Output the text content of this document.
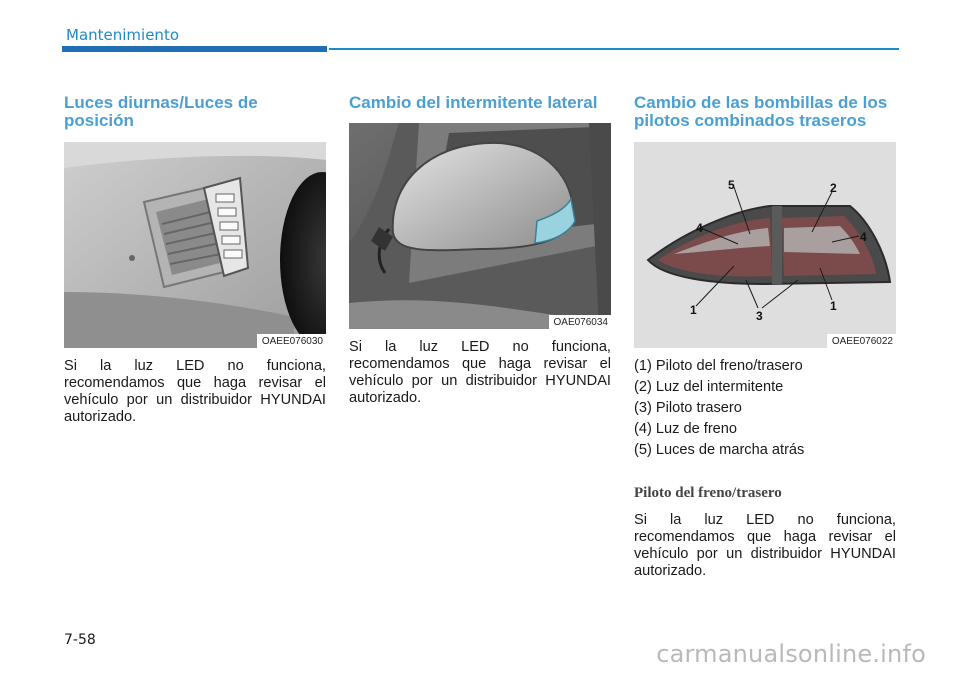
Mantenimiento
Luces diurnas/Luces de posición
OAEE076030

Si la luz LED no funciona, recomendamos que haga revisar el vehículo por un distribuidor HYUNDAI autorizado.

Cambio del intermitente lateral
OAE076034

Si la luz LED no funciona, recomendamos que haga revisar el vehículo por un distribuidor HYUNDAI autorizado.

Cambio de las bombillas de los pilotos combinados traseros
5	2
4
4
1	3
1
OAEE076022
(1) Piloto del freno/trasero
(2) Luz del intermitente
(3) Piloto trasero
(4) Luz de freno
(5) Luces de marcha atrás
Piloto del freno/trasero

Si la luz LED no funciona, recomendamos que haga revisar el vehículo por un distribuidor HYUNDAI autorizado.

7-58	carmanualsonline.info
